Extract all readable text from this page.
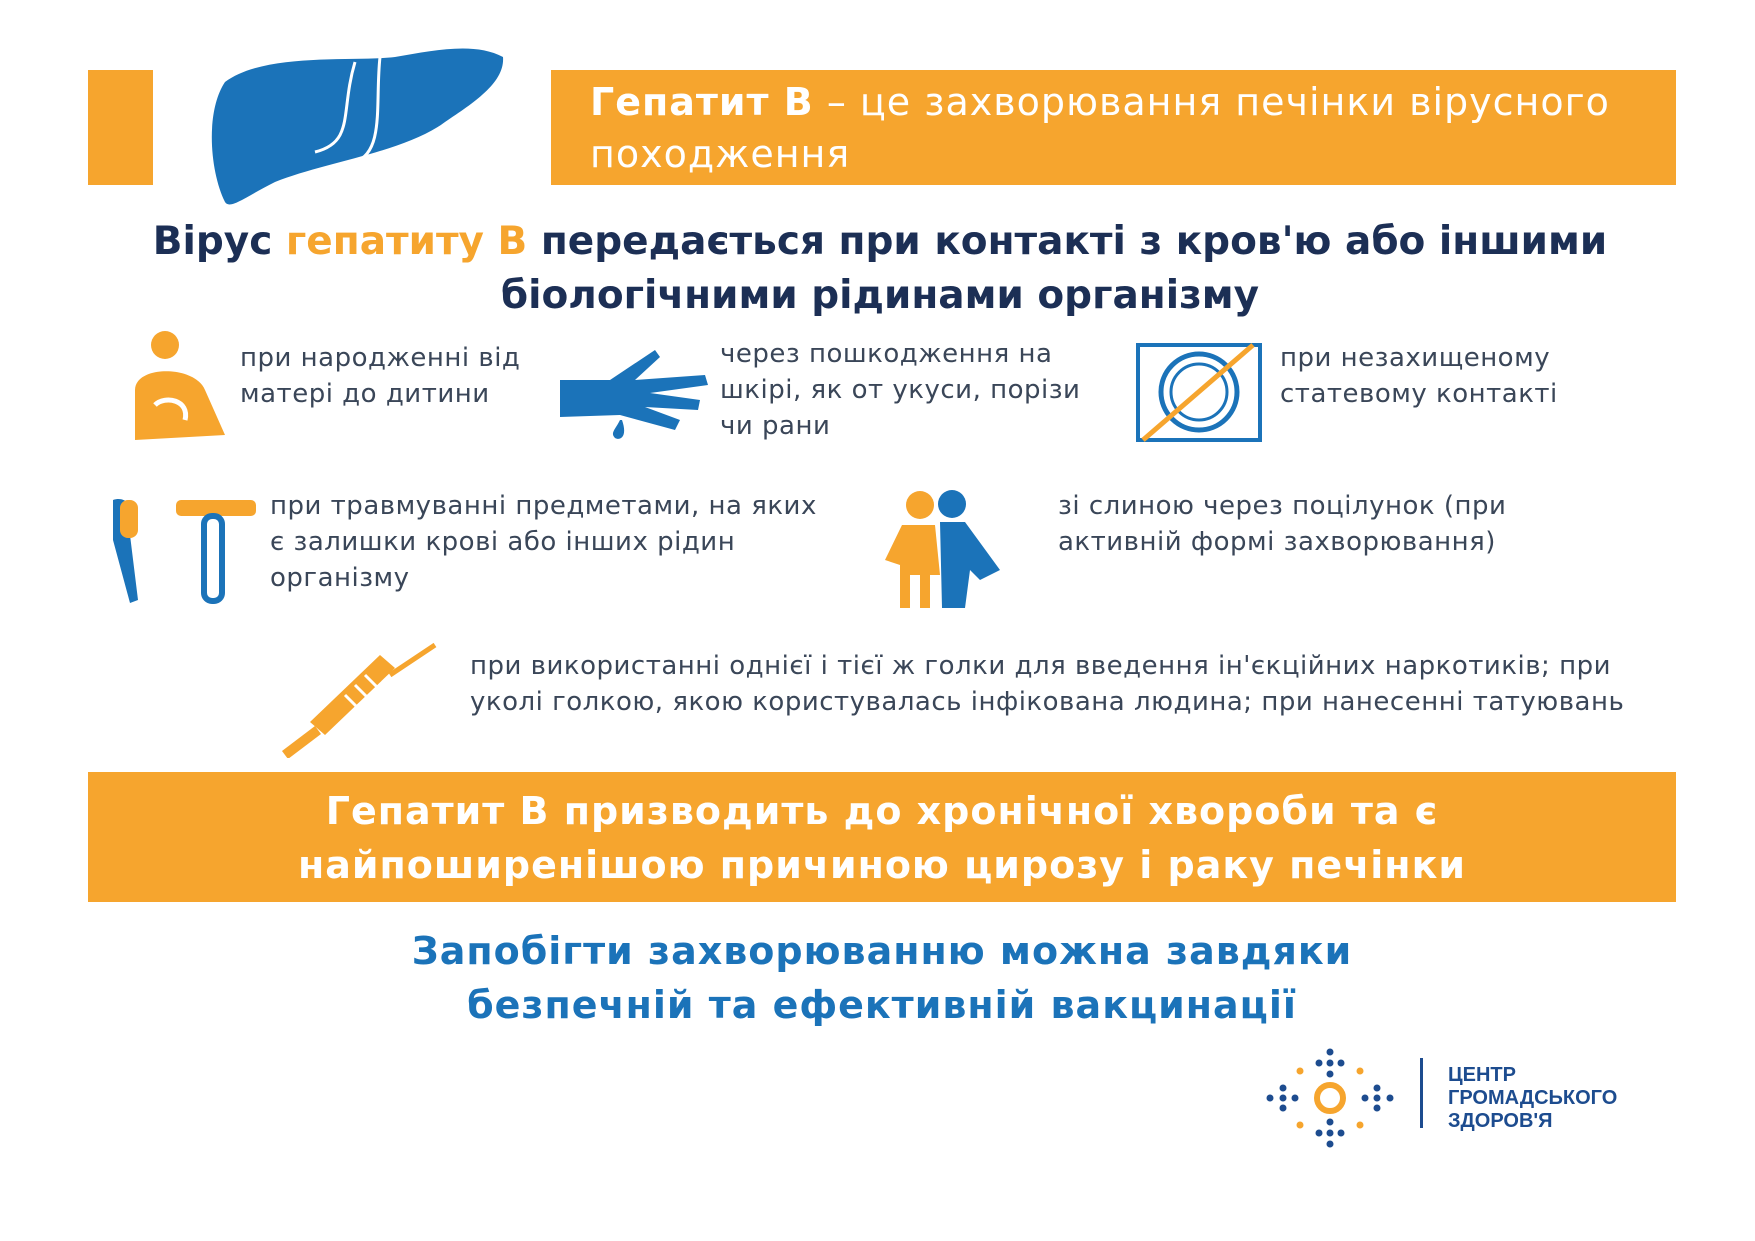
Гепатит В – це захворювання печінки вірусного походження
Вірус гепатиту В передається при контакті з кров'ю або іншими біологічними рідинами організму
при народженні від матері до дитини
через пошкодження на шкірі, як от укуси, порізи чи рани
при незахищеному статевому контакті
при травмуванні предметами, на яких є залишки крові або інших рідин організму
зі слиною через поцілунок (при активній формі захворювання)
при використанні однієї і тієї ж голки для введення ін'єкційних наркотиків; при уколі голкою, якою користувалась інфікована людина; при нанесенні татуювань
Гепатит В призводить до хронічної хвороби та є найпоширенішою причиною цирозу і раку печінки
Запобігти захворюванню можна завдяки безпечній та ефективній вакцинації
ЦЕНТР
ГРОМАДСЬКОГО
ЗДОРОВ'Я
